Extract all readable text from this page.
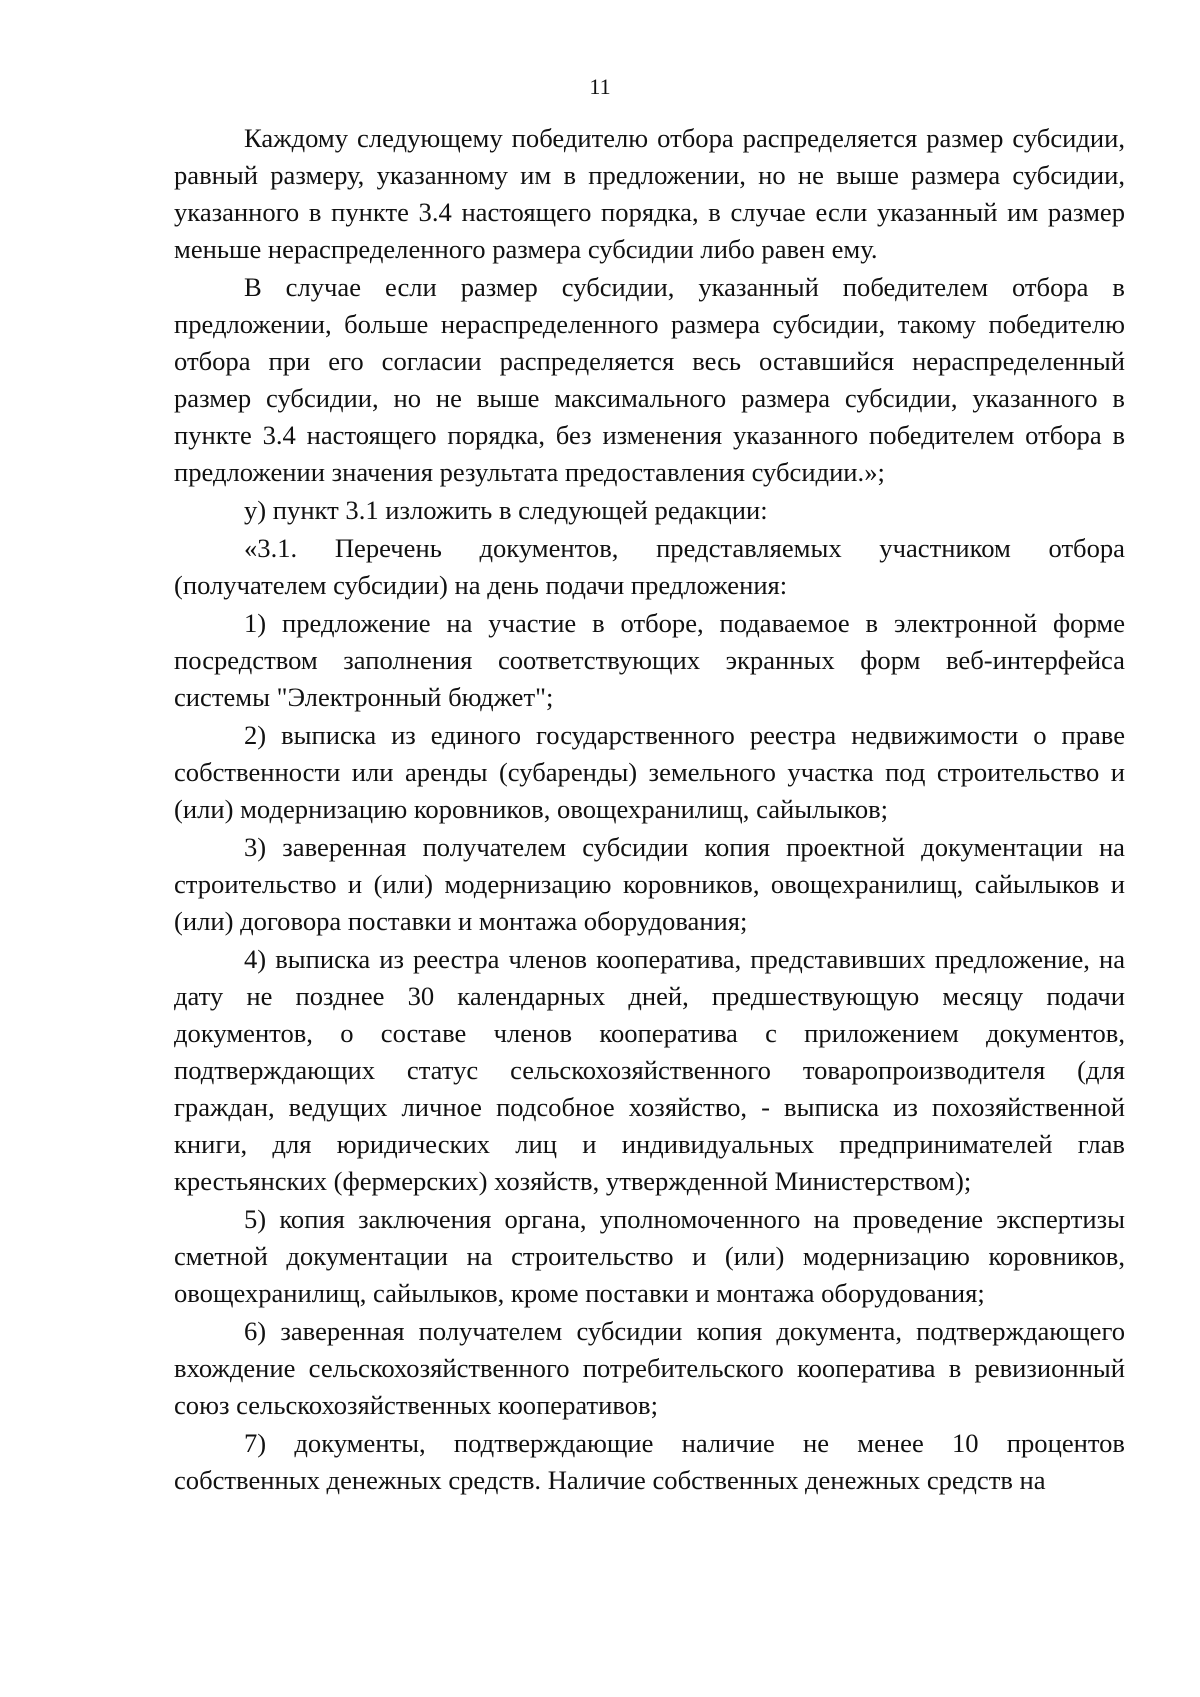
11

Каждому следующему победителю отбора распределяется размер субсидии, равный размеру, указанному им в предложении, но не выше размера субсидии, указанного в пункте 3.4 настоящего порядка, в случае если указанный им размер меньше нераспределенного размера субсидии либо равен ему.

В случае если размер субсидии, указанный победителем отбора в предложении, больше нераспределенного размера субсидии, такому победителю отбора при его согласии распределяется весь оставшийся нераспределенный размер субсидии, но не выше максимального размера субсидии, указанного в пункте 3.4 настоящего порядка, без изменения указанного победителем отбора в предложении значения результата предоставления субсидии.»;

у) пункт 3.1 изложить в следующей редакции:

«3.1. Перечень документов, представляемых участником отбора (получателем субсидии) на день подачи предложения:

1) предложение на участие в отборе, подаваемое в электронной форме посредством заполнения соответствующих экранных форм веб-интерфейса системы "Электронный бюджет";

2) выписка из единого государственного реестра недвижимости о праве собственности или аренды (субаренды) земельного участка под строительство и (или) модернизацию коровников, овощехранилищ, сайылыков;

3) заверенная получателем субсидии копия проектной документации на строительство и (или) модернизацию коровников, овощехранилищ, сайылыков и (или) договора поставки и монтажа оборудования;

4) выписка из реестра членов кооператива, представивших предложение, на дату не позднее 30 календарных дней, предшествующую месяцу подачи документов, о составе членов кооператива с приложением документов, подтверждающих статус сельскохозяйственного товаропроизводителя (для граждан, ведущих личное подсобное хозяйство, - выписка из похозяйственной книги, для юридических лиц и индивидуальных предпринимателей глав крестьянских (фермерских) хозяйств, утвержденной Министерством);

5) копия заключения органа, уполномоченного на проведение экспертизы сметной документации на строительство и (или) модернизацию коровников, овощехранилищ, сайылыков, кроме поставки и монтажа оборудования;

6) заверенная получателем субсидии копия документа, подтверждающего вхождение сельскохозяйственного потребительского кооператива в ревизионный союз сельскохозяйственных кооперативов;

7) документы, подтверждающие наличие не менее 10 процентов собственных денежных средств. Наличие собственных денежных средств на
